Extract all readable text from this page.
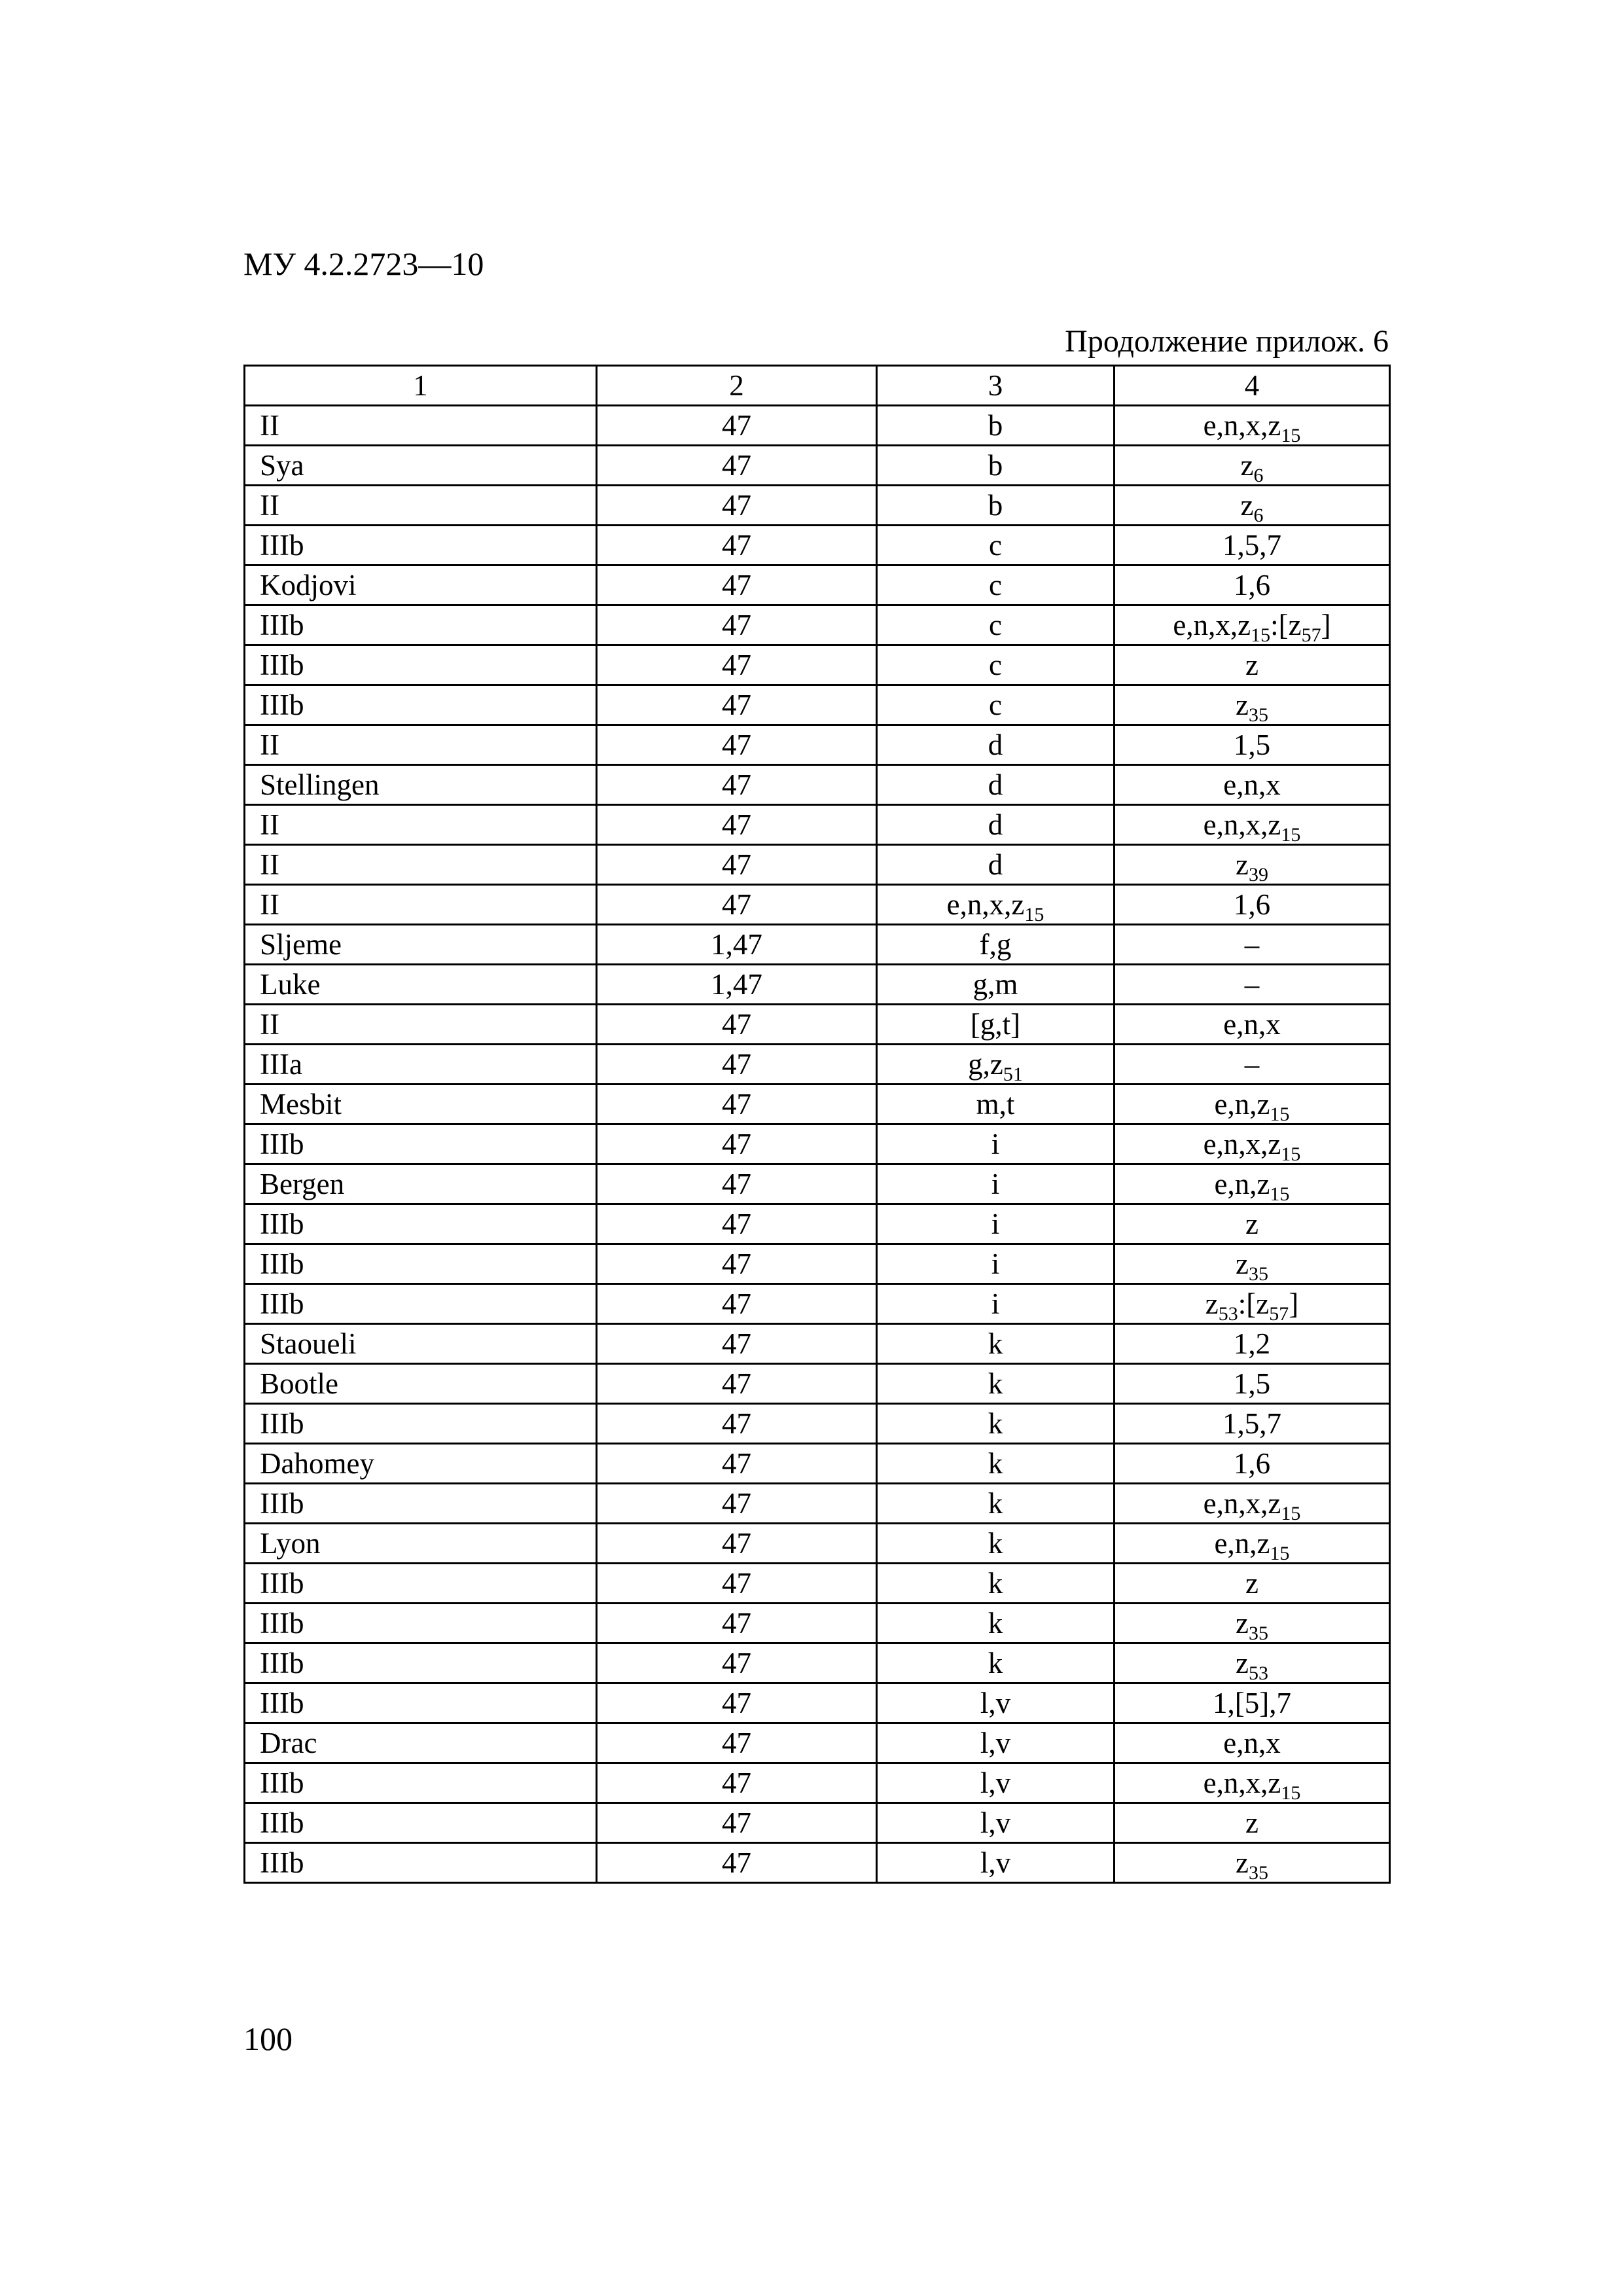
МУ 4.2.2723—10
Продолжение прилож. 6
1	2	3	4
II	47	b	$e,n,x,z_{15}$
Sya	47	b	$z_6$
II	47	b	$z_6$
IIIb	47	c	1,5,7
Kodjovi	47	c	1,6
IIIb	47	c	$e,n,x,z_{15}:[z_{57}]$
IIIb	47	c	z
IIIb	47	c	$z_{35}$
II	47	d	1,5
Stellingen	47	d	e,n,x
II	47	d	$e,n,x,z_{15}$
II	47	d	$z_{39}$
II	47	$e,n,x,z_{15}$	1,6
Sljeme	1,47	f,g	–
Luke	1,47	g,m	–
II	47	[g,t]	e,n,x
IIIa	47	$g,z_{51}$	–
Mesbit	47	m,t	$e,n,z_{15}$
IIIb	47	i	$e,n,x,z_{15}$
Bergen	47	i	$e,n,z_{15}$
IIIb	47	i	z
IIIb	47	i	$z_{35}$
IIIb	47	i	$z_{53}:[z_{57}]$
Staoueli	47	k	1,2
Bootle	47	k	1,5
IIIb	47	k	1,5,7
Dahomey	47	k	1,6
IIIb	47	k	$e,n,x,z_{15}$
Lyon	47	k	$e,n,z_{15}$
IIIb	47	k	z
IIIb	47	k	$z_{35}$
IIIb	47	k	$z_{53}$
IIIb	47	l,v	1,[5],7
Drac	47	l,v	e,n,x
IIIb	47	l,v	$e,n,x,z_{15}$
IIIb	47	l,v	z
IIIb	47	l,v	$z_{35}$
100
